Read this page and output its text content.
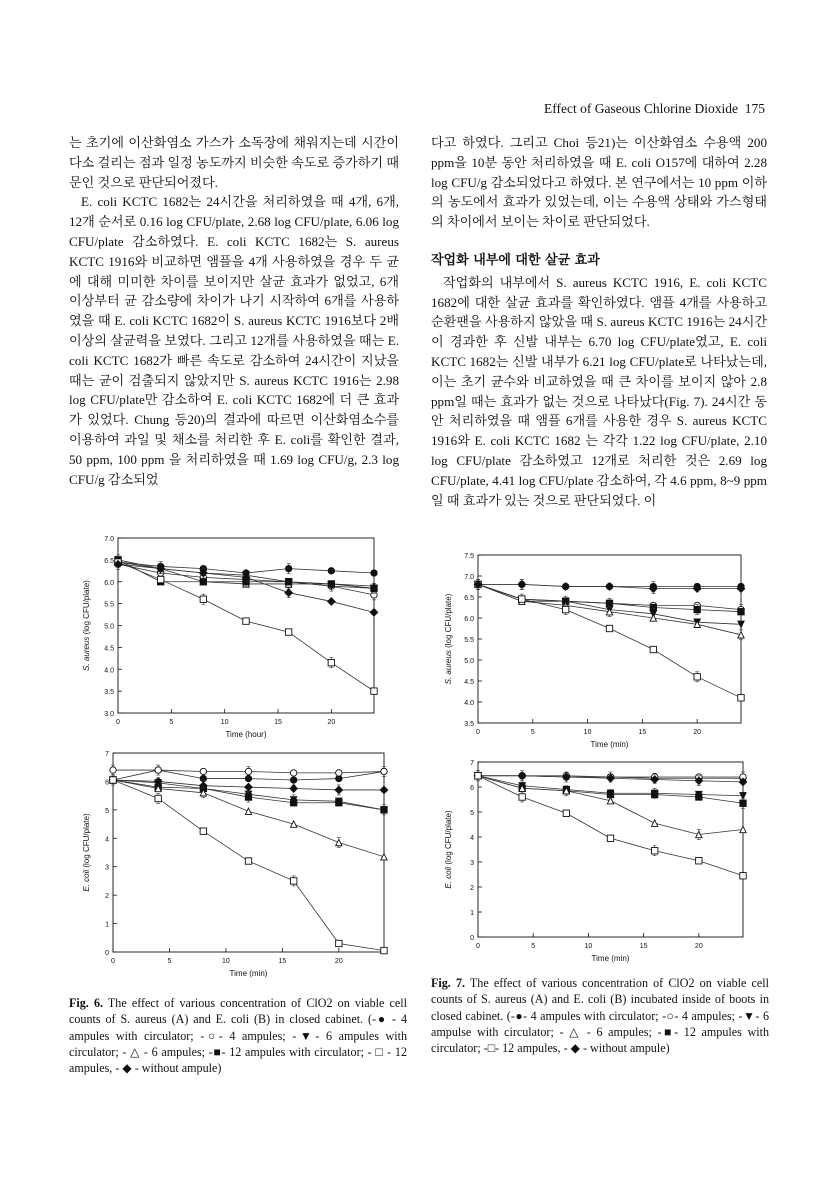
Effect of Gaseous Chlorine Dioxide 175

는 초기에 이산화염소 가스가 소독장에 채워지는데 시간이 다소 걸리는 점과 일정 농도까지 비슷한 속도로 증가하기 때문인 것으로 판단되어졌다.

E. coli KCTC 1682는 24시간을 처리하였을 때 4개, 6개, 12개 순서로 0.16 log CFU/plate, 2.68 log CFU/plate, 6.06 log CFU/plate 감소하였다. E. coli KCTC 1682는 S. aureus KCTC 1916와 비교하면 앰플을 4개 사용하였을 경우 두 균에 대해 미미한 차이를 보이지만 살균 효과가 없었고, 6개 이상부터 균 감소량에 차이가 나기 시작하여 6개를 사용하였을 때 E. coli KCTC 1682이 S. aureus KCTC 1916보다 2배 이상의 살균력을 보였다. 그리고 12개를 사용하였을 때는 E. coli KCTC 1682가 빠른 속도로 감소하여 24시간이 지났을 때는 균이 검출되지 않았지만 S. aureus KCTC 1916는 2.98 log CFU/plate만 감소하여 E. coli KCTC 1682에 더 큰 효과가 있었다. Chung 등20)의 결과에 따르면 이산화염소수를 이용하여 과일 및 채소를 처리한 후 E. coli를 확인한 결과, 50 ppm, 100 ppm 을 처리하였을 때 1.69 log CFU/g, 2.3 log CFU/g 감소되었

다고 하였다. 그리고 Choi 등21)는 이산화염소 수용액 200 ppm을 10분 동안 처리하였을 때 E. coli O157에 대하여 2.28 log CFU/g 감소되었다고 하였다. 본 연구에서는 10 ppm 이하의 농도에서 효과가 있었는데, 이는 수용액 상태와 가스형태의 차이에서 보이는 차이로 판단되었다.

작업화 내부에 대한 살균 효과

작업화의 내부에서 S. aureus KCTC 1916, E. coli KCTC 1682에 대한 살균 효과를 확인하였다. 앰플 4개를 사용하고 순환팬을 사용하지 않았을 때 S. aureus KCTC 1916는 24시간이 경과한 후 신발 내부는 6.70 log CFU/plate였고, E. coli KCTC 1682는 신발 내부가 6.21 log CFU/plate로 나타났는데, 이는 초기 균수와 비교하였을 때 큰 차이를 보이지 않아 2.8 ppm일 때는 효과가 없는 것으로 나타났다(Fig. 7). 24시간 동안 처리하였을 때 앰플 6개를 사용한 경우 S. aureus KCTC 1916와 E. coli KCTC 1682 는 각각 1.22 log CFU/plate, 2.10 log CFU/plate 감소하였고 12개로 처리한 것은 2.69 log CFU/plate, 4.41 log CFU/plate 감소하여, 각 4.6 ppm, 8~9 ppm일 때 효과가 있는 것으로 판단되었다. 이

3.0
3.5
4.0
4.5
5.0
5.5
6.0
6.5
7.0
0	5	10	15	20
Time (hour)
S. aureus (log CFU/plate)
0
1
2
3
4
5
6
7
0	5	10	15	20
Time (min)
E. coli (log CFU/plate)
3.5
4.0
4.5
5.0
5.5
6.0
6.5
7.0
7.5
0	5	10	15	20
Time (min)
S. aureus (log CFU/plate)
0
1
2
3
4
5
6
7
0	5	10	15	20
Time (min)
E. coli (log CFU/plate)
Fig. 6. The effect of various concentration of ClO2 on viable cell counts of S. aureus (A) and E. coli (B) in closed cabinet. (-● - 4 ampules with circulator; -○- 4 ampules; -▼- 6 ampules with circulator; - △ - 6 ampules; -■- 12 ampules with circulator; - □ - 12 ampules, - ◆ - without ampule)
Fig. 7. The effect of various concentration of ClO2 on viable cell counts of S. aureus (A) and E. coli (B) incubated inside of boots in closed cabinet. (-●- 4 ampules with circulator; -○- 4 ampules; -▼- 6 ampulse with circulator; - △ - 6 ampules; -■- 12 ampules with circulator; -□- 12 ampules, - ◆ - without ampule)
